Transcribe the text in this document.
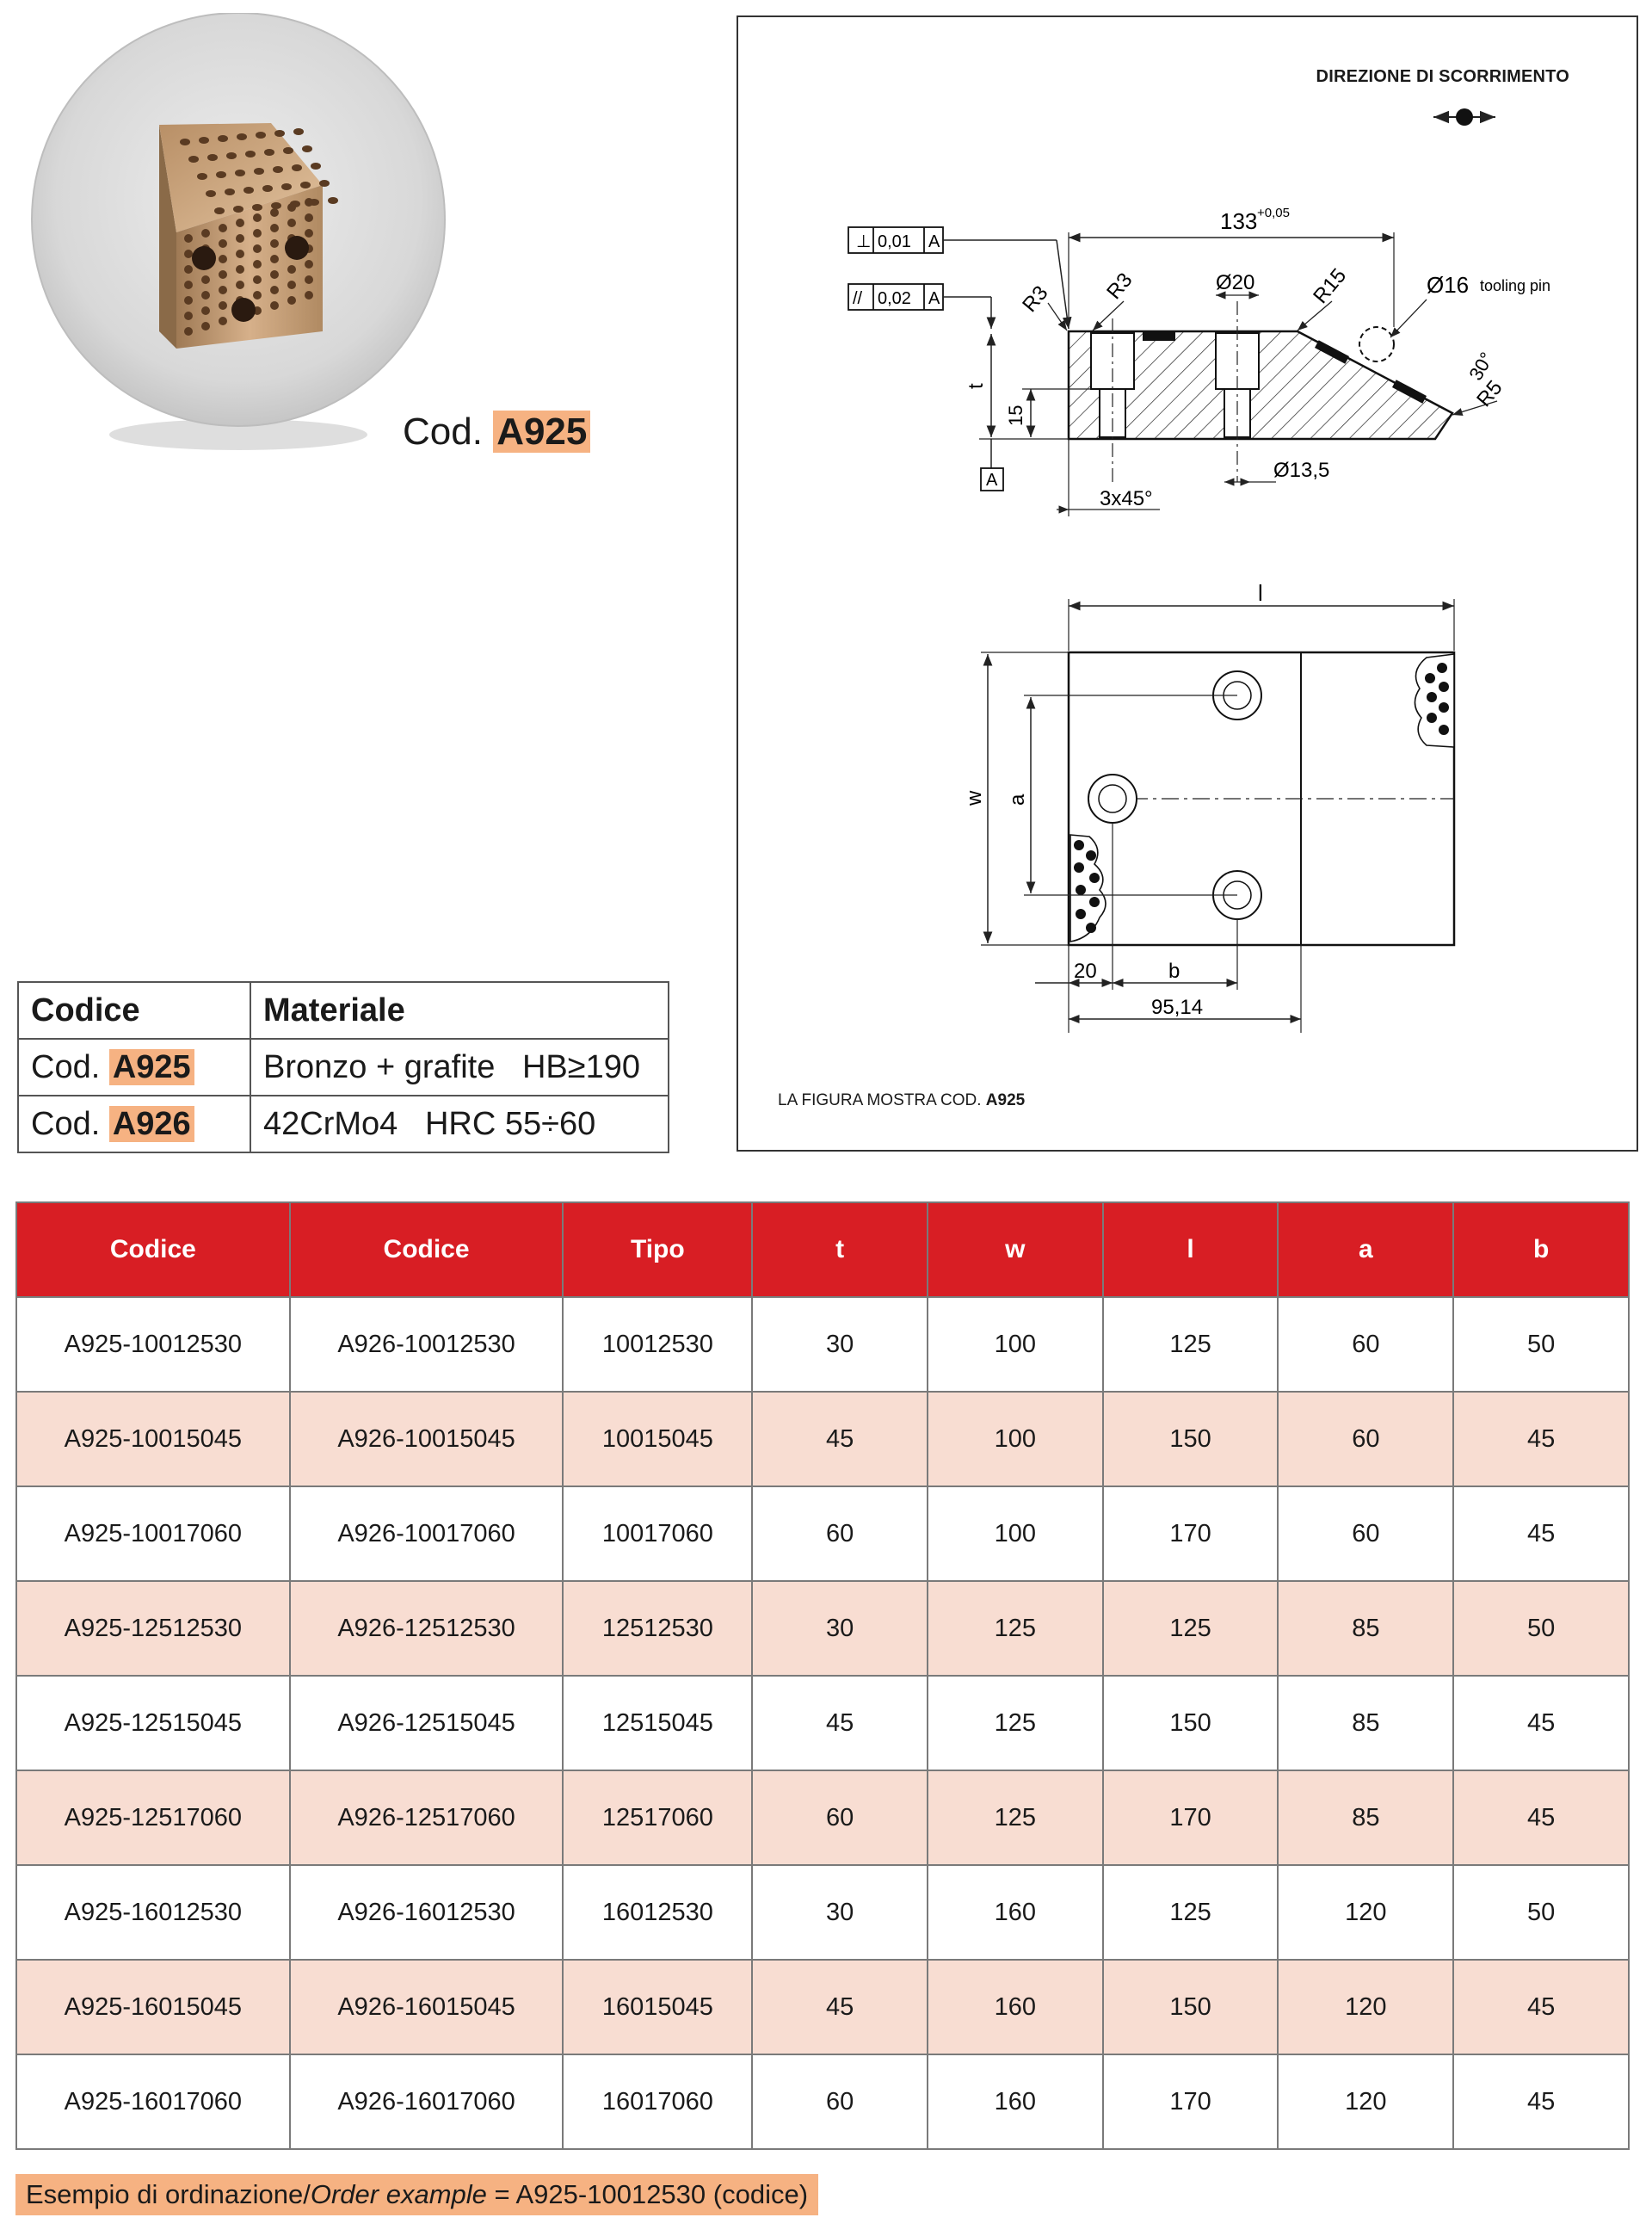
Cod. A925
Codice	Materiale
Cod. A925	Bronzo + grafite   HB≥190
Cod. A926	42CrMo4   HRC 55÷60
DIREZIONE DI SCORRIMENTO
⊥ 0,01 A
// 0,02 A
133 +0,05
R3 R3	Ø20	R15	Ø16 tooling pin
30°
R5
t
15
A	Ø13,5
3x45°
l
w a
20	b
95,14
LA FIGURA MOSTRA COD. A925
Codice	Codice	Tipo	t	w	l	a	b
A925-10012530	A926-10012530	10012530	30	100	125	60	50
A925-10015045	A926-10015045	10015045	45	100	150	60	45
A925-10017060	A926-10017060	10017060	60	100	170	60	45
A925-12512530	A926-12512530	12512530	30	125	125	85	50
A925-12515045	A926-12515045	12515045	45	125	150	85	45
A925-12517060	A926-12517060	12517060	60	125	170	85	45
A925-16012530	A926-16012530	16012530	30	160	125	120	50
A925-16015045	A926-16015045	16015045	45	160	150	120	45
A925-16017060	A926-16017060	16017060	60	160	170	120	45
Esempio di ordinazione/Order example = A925-10012530 (codice)
